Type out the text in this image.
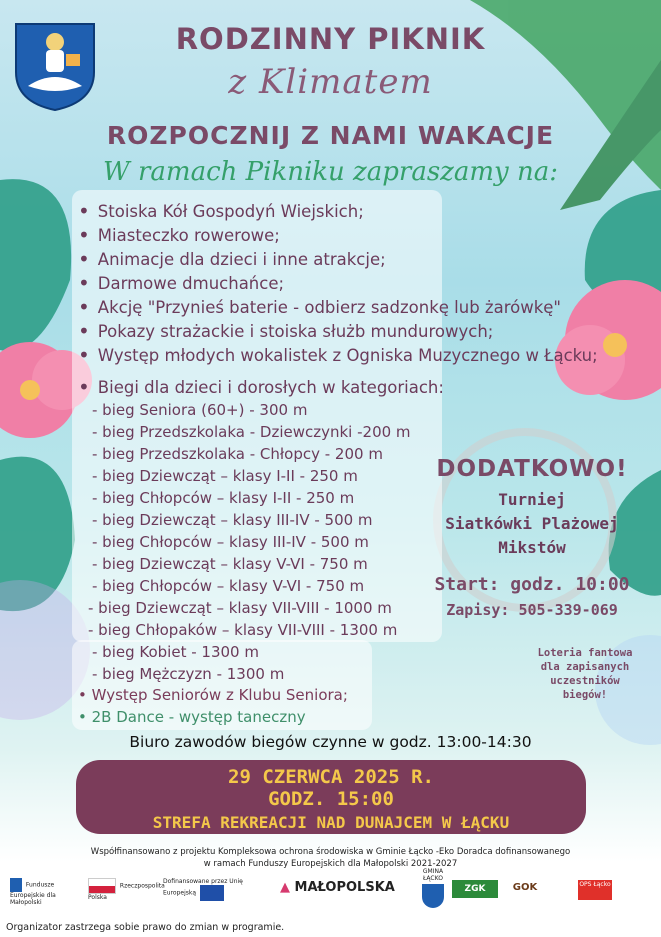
RODZINNY PIKNIK
z Klimatem
ROZPOCZNIJ Z NAMI WAKACJE
W ramach Pikniku zapraszamy na:
• Stoiska Kół Gospodyń Wiejskich;
• Miasteczko rowerowe;
• Animacje dla dzieci i inne atrakcje;
• Darmowe dmuchańce;
• Akcję "Przynieś baterie - odbierz sadzonkę lub żarówkę"
• Pokazy strażackie i stoiska służb mundurowych;
• Występ młodych wokalistek z Ogniska Muzycznego w Łącku;
• Biegi dla dzieci i dorosłych w kategoriach:
- bieg Seniora (60+) - 300 m
- bieg Przedszkolaka - Dziewczynki -200 m
- bieg Przedszkolaka - Chłopcy - 200 m
- bieg Dziewcząt – klasy I-II - 250 m
- bieg Chłopców – klasy I-II - 250 m
- bieg Dziewcząt – klasy III-IV - 500 m
- bieg Chłopców – klasy III-IV - 500 m
- bieg Dziewcząt – klasy V-VI - 750 m
- bieg Chłopców – klasy V-VI - 750 m
- bieg Dziewcząt – klasy VII-VIII - 1000 m
- bieg Chłopaków – klasy VII-VIII - 1300 m
- bieg Kobiet - 1300 m
- bieg Mężczyzn - 1300 m
• Występ Seniorów z Klubu Seniora;
• 2B Dance - występ taneczny
DODATKOWO!
Turniej
Siatkówki Plażowej
Mikstów
Start: godz. 10:00
Zapisy: 505-339-069
Loteria fantowa
dla zapisanych
uczestników
biegów!
Biuro zawodów biegów czynne w godz. 13:00-14:30
29 CZERWCA 2025 R.
GODZ. 15:00
STREFA REKREACJI NAD DUNAJCEM W ŁĄCKU
Współfinansowano z projektu Kompleksowa ochrona środowiska w Gminie Łącko -Eko Doradca dofinansowanego
w ramach Funduszy Europejskich dla Małopolski 2021-2027
Fundusze Europejskie dla Małopolski
Rzeczpospolita Polska
Dofinansowane przez Unię Europejską	▲ MAŁOPOLSKA
GMINA ŁĄCKO
ZGK	GOK	OPS Łącko
Organizator zastrzega sobie prawo do zmian w programie.
